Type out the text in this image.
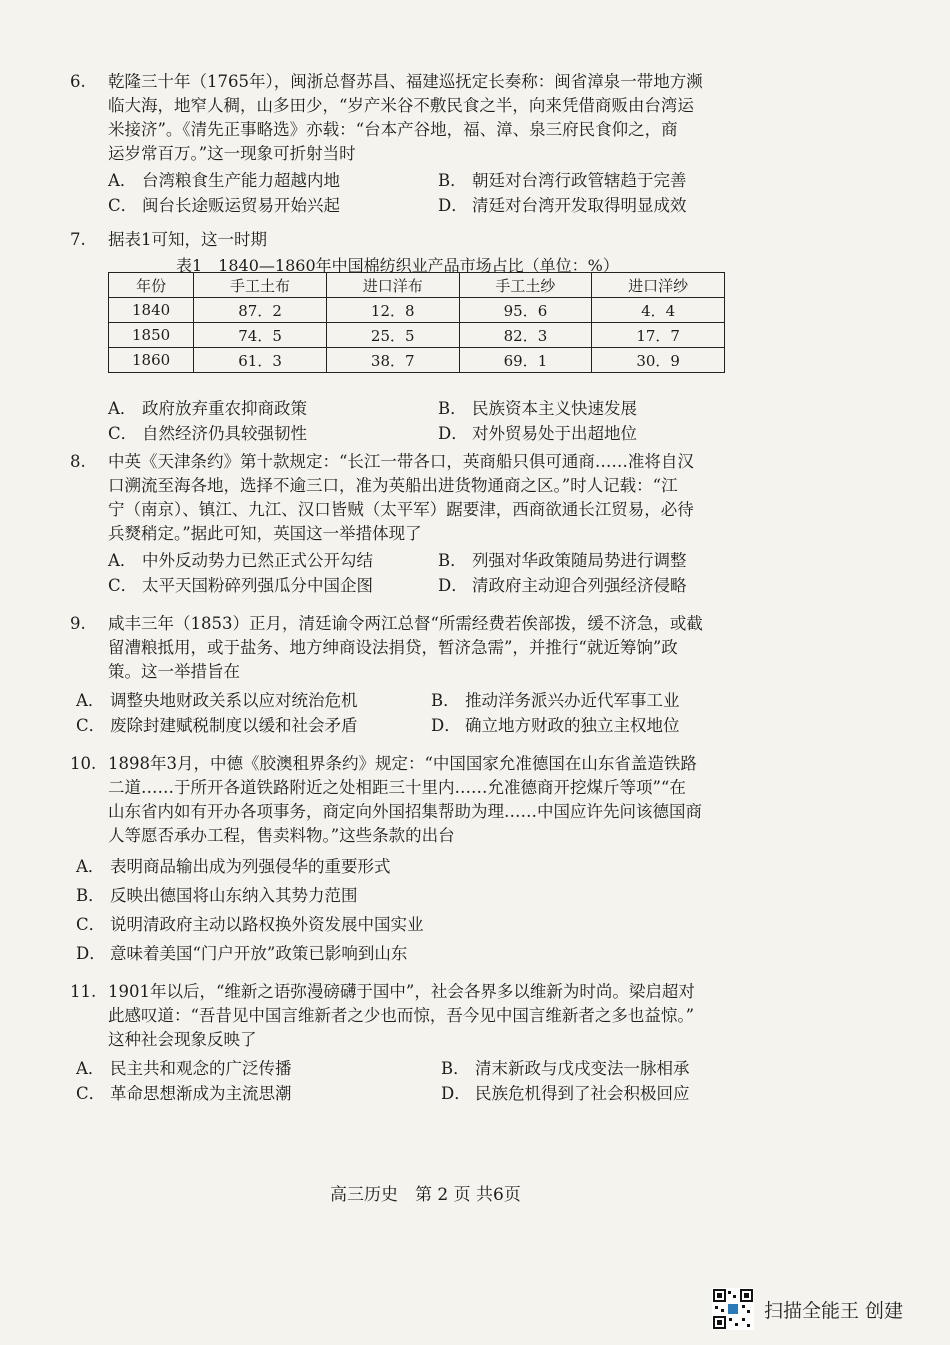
6. 乾隆三十年（1765年），闽浙总督苏昌、福建巡抚定长奏称：闽省漳泉一带地方濒
临大海，地窄人稠，山多田少，“岁产米谷不敷民食之半，向来凭借商贩由台湾运
米接济”。《清先正事略选》亦载：“台本产谷地，福、漳、泉三府民食仰之，商
运岁常百万。”这一现象可折射当时
A． 台湾粮食生产能力超越内地	B． 朝廷对台湾行政管辖趋于完善
C． 闽台长途贩运贸易开始兴起	D． 清廷对台湾开发取得明显成效
7. 据表1可知，这一时期
表1　1840—1860年中国棉纺织业产品市场占比（单位：%）
年份	手工土布	进口洋布	手工土纱	进口洋纱
1840	87．2	12．8	95．6	4．4
1850	74．5	25．5	82．3	17．7
1860	61．3	38．7	69．1	30．9
A． 政府放弃重农抑商政策	B． 民族资本主义快速发展
C． 自然经济仍具较强韧性	D． 对外贸易处于出超地位
8. 中英《天津条约》第十款规定：“长江一带各口，英商船只俱可通商……准将自汉
口溯流至海各地，选择不逾三口，准为英船出进货物通商之区。”时人记载：“江
宁（南京）、镇江、九江、汉口皆贼（太平军）踞要津，西商欲通长江贸易，必待
兵燹稍定。”据此可知，英国这一举措体现了
A． 中外反动势力已然正式公开勾结	B． 列强对华政策随局势进行调整
C． 太平天国粉碎列强瓜分中国企图	D． 清政府主动迎合列强经济侵略
9. 咸丰三年（1853）正月，清廷谕令两江总督“所需经费若俟部拨，缓不济急，或截
留漕粮抵用，或于盐务、地方绅商设法捐贷，暂济急需”，并推行“就近筹饷”政
策。这一举措旨在
A． 调整央地财政关系以应对统治危机	B． 推动洋务派兴办近代军事工业
C． 废除封建赋税制度以缓和社会矛盾	D． 确立地方财政的独立主权地位
10. 1898年3月，中德《胶澳租界条约》规定：“中国国家允准德国在山东省盖造铁路
二道……于所开各道铁路附近之处相距三十里内……允准德商开挖煤斤等项”“在
山东省内如有开办各项事务，商定向外国招集帮助为理……中国应许先问该德国商
人等愿否承办工程，售卖料物。”这些条款的出台
A． 表明商品输出成为列强侵华的重要形式
B． 反映出德国将山东纳入其势力范围
C． 说明清政府主动以路权换外资发展中国实业
D． 意味着美国“门户开放”政策已影响到山东
11. 1901年以后，“维新之语弥漫磅礴于国中”，社会各界多以维新为时尚。梁启超对
此感叹道：“吾昔见中国言维新者之少也而惊，吾今见中国言维新者之多也益惊。”
这种社会现象反映了
A． 民主共和观念的广泛传播	B． 清末新政与戊戌变法一脉相承
C． 革命思想渐成为主流思潮	D． 民族危机得到了社会积极回应
高三历史　第 2 页 共6页
扫描全能王 创建
